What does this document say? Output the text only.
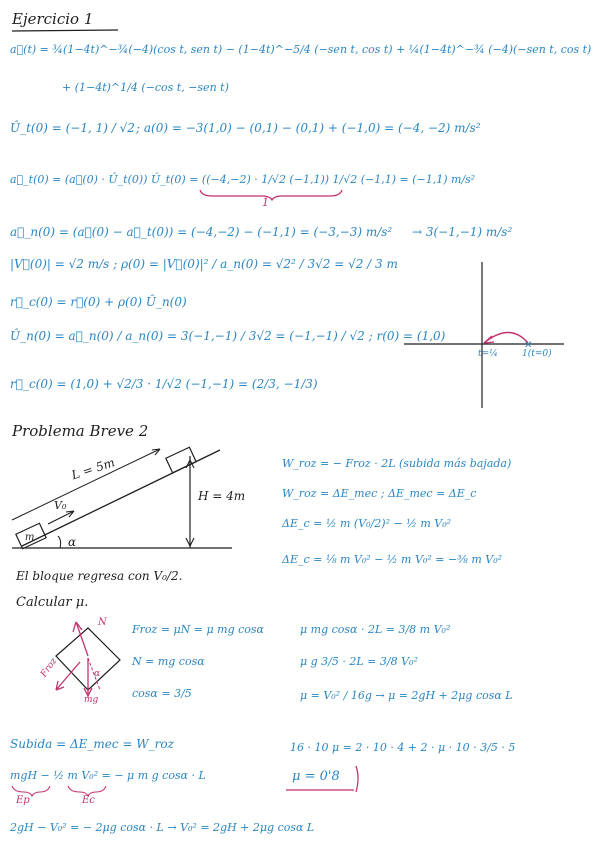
Ejercicio 1
a⃗(t) = ¾(1−4t)^−¾(−4)(cos t, sen t) − (1−4t)^−5/4 (−sen t, cos t) + ¼(1−4t)^−¾ (−4)(−sen t, cos t)
+ (1−4t)^1/4 (−cos t, −sen t)
Û_t(0) = (−1, 1) / √2 ; a(0) = −3(1,0) − (0,1) − (0,1) + (−1,0) = (−4, −2) m/s²
a⃗_t(0) = (a⃗(0) · Û_t(0)) Û_t(0) = ((−4,−2) · 1/√2 (−1,1)) 1/√2 (−1,1) = (−1,1) m/s²
1
a⃗_n(0) = (a⃗(0) − a⃗_t(0)) = (−4,−2) − (−1,1) = (−3,−3) m/s² → 3(−1,−1) m/s²
|V⃗(0)| = √2 m/s ; ρ(0) = |V⃗(0)|² / a_n(0) = √2² / 3√2 = √2 / 3 m
r⃗_c(0) = r⃗(0) + ρ(0) Û_n(0)
Û_n(0) = a⃗_n(0) / a_n(0) = 3(−1,−1) / 3√2 = (−1,−1) / √2 ; r(0) = (1,0)
r⃗_c(0) = (1,0) + √2/3 · 1/√2 (−1,−1) = (2/3, −1/3)
t=¼	1(t=0)
Problema Breve 2
L = 5m
H = 4m
V₀
m	α
El bloque regresa con V₀/2.
Calcular μ.
W_roz = − Froz · 2L (subida más bajada)
W_roz = ΔE_mec ; ΔE_mec = ΔE_c
ΔE_c = ½ m (V₀/2)² − ½ m V₀²
ΔE_c = ⅛ m V₀² − ½ m V₀² = −⅜ m V₀²
N
Froz	α
mg
Froz = μN = μ mg cosα
N = mg cosα
cosα = 3/5
μ mg cosα · 2L = 3/8 m V₀²
μ g 3/5 · 2L = 3/8 V₀²
μ = V₀² / 16g → μ = 2gH + 2μg cosα L
Subida = ΔE_mec = W_roz
mgH − ½ m V₀² = − μ m g cosα · L
Ep	Ec
2gH − V₀² = − 2μg cosα · L → V₀² = 2gH + 2μg cosα L
16 · 10 μ = 2 · 10 · 4 + 2 · μ · 10 · 3/5 · 5
μ = 0'8
✕
